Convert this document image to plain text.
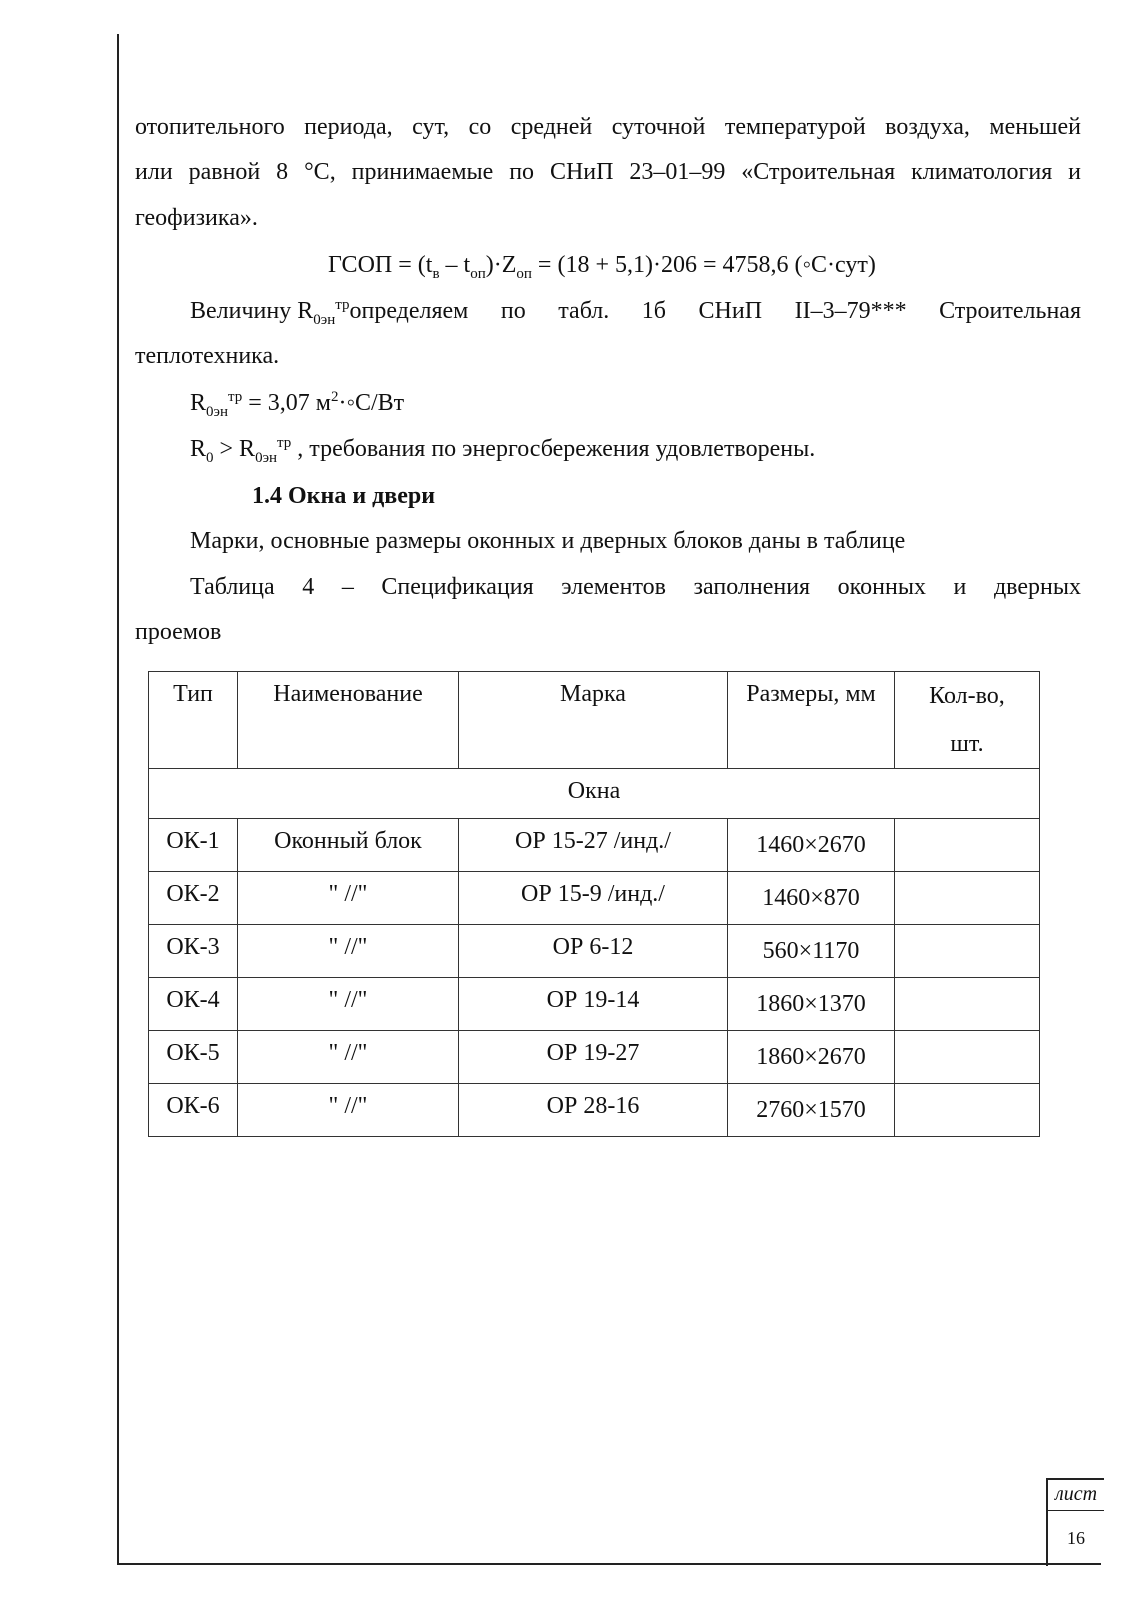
отопительного периода, сут, со средней суточной температурой воздуха, меньшей
или равной 8 °С, принимаемые по СНиП 23–01–99 «Строительная климатология и
геофизика».
ГСОП = $(t_в - t_{оп})\cdot Z_{оп} = (18 + 5,1)\cdot 206 = 4758,6$ (◦С·сут)
Величину $R_{0эн}^{тр}$ определяем по табл. 1б СНиП II–3–79*** Строительная
теплотехника.
$R_{0эн}^{тр} = 3,07$ $м^2\cdot◦С/Вт$
$R_0 > R_{0эн}^{тр}$ , требования по энергосбережения удовлетворены.
1.4 Окна и двери
Марки, основные размеры оконных и дверных блоков даны в таблице
Таблица 4 – Спецификация элементов заполнения оконных и дверных
проемов
Тип	Наименование	Марка	Размеры, мм	Кол-во, шт.
Окна				
ОК-1	Оконный блок	ОР 15-27 /инд./	1460×2670	
ОК-2	" //"	ОР 15-9 /инд./	1460×870	
ОК-3	" //"	ОР 6-12	560×1170	
ОК-4	" //"	ОР 19-14	1860×1370	
ОК-5	" //"	ОР 19-27	1860×2670	
ОК-6	" //"	ОР 28-16	2760×1570	
лист
16
